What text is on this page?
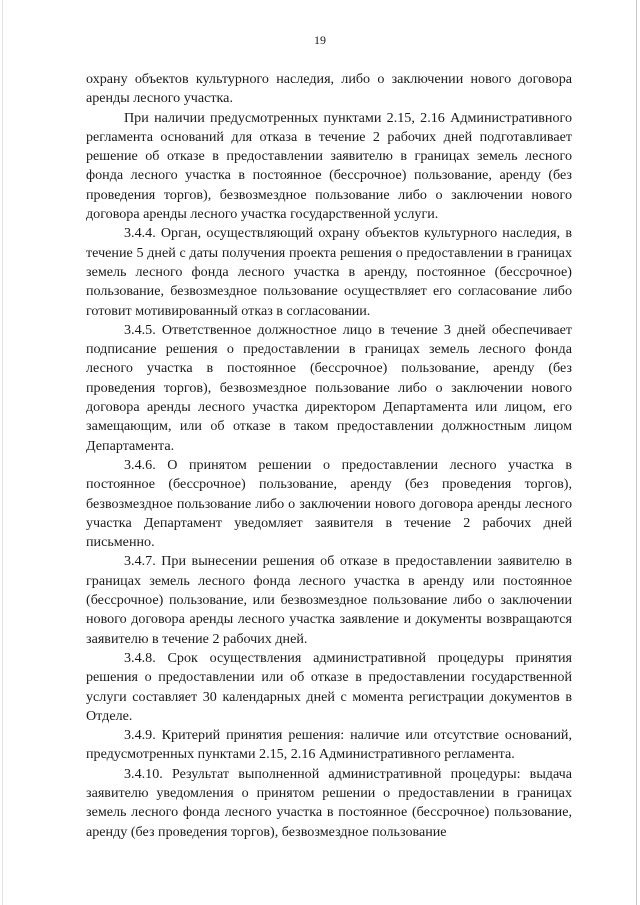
19

охрану объектов культурного наследия, либо о заключении нового договора аренды лесного участка.

При наличии предусмотренных пунктами 2.15, 2.16 Административного регламента оснований для отказа в течение 2 рабочих дней подготавливает решение об отказе в предоставлении заявителю в границах земель лесного фонда лесного участка в постоянное (бессрочное) пользование, аренду (без проведения торгов), безвозмездное пользование либо о заключении нового договора аренды лесного участка государственной услуги.

3.4.4. Орган, осуществляющий охрану объектов культурного наследия, в течение 5 дней с даты получения проекта решения о предоставлении в границах земель лесного фонда лесного участка в аренду, постоянное (бессрочное) пользование, безвозмездное пользование осуществляет его согласование либо готовит мотивированный отказ в согласовании.

3.4.5. Ответственное должностное лицо в течение 3 дней обеспечивает подписание решения о предоставлении в границах земель лесного фонда лесного участка в постоянное (бессрочное) пользование, аренду (без проведения торгов), безвозмездное пользование либо о заключении нового договора аренды лесного участка директором Департамента или лицом, его замещающим, или об отказе в таком предоставлении должностным лицом Департамента.

3.4.6. О принятом решении о предоставлении лесного участка в постоянное (бессрочное) пользование, аренду (без проведения торгов), безвозмездное пользование либо о заключении нового договора аренды лесного участка Департамент уведомляет заявителя в течение 2 рабочих дней письменно.

3.4.7. При вынесении решения об отказе в предоставлении заявителю в границах земель лесного фонда лесного участка в аренду или постоянное (бессрочное) пользование, или безвозмездное пользование либо о заключении нового договора аренды лесного участка заявление и документы возвращаются заявителю в течение 2 рабочих дней.

3.4.8. Срок осуществления административной процедуры принятия решения о предоставлении или об отказе в предоставлении государственной услуги составляет 30 календарных дней с момента регистрации документов в Отделе.

3.4.9. Критерий принятия решения: наличие или отсутствие оснований, предусмотренных пунктами 2.15, 2.16 Административного регламента.

3.4.10. Результат выполненной административной процедуры: выдача заявителю уведомления о принятом решении о предоставлении в границах земель лесного фонда лесного участка в постоянное (бессрочное) пользование, аренду (без проведения торгов), безвозмездное пользование
